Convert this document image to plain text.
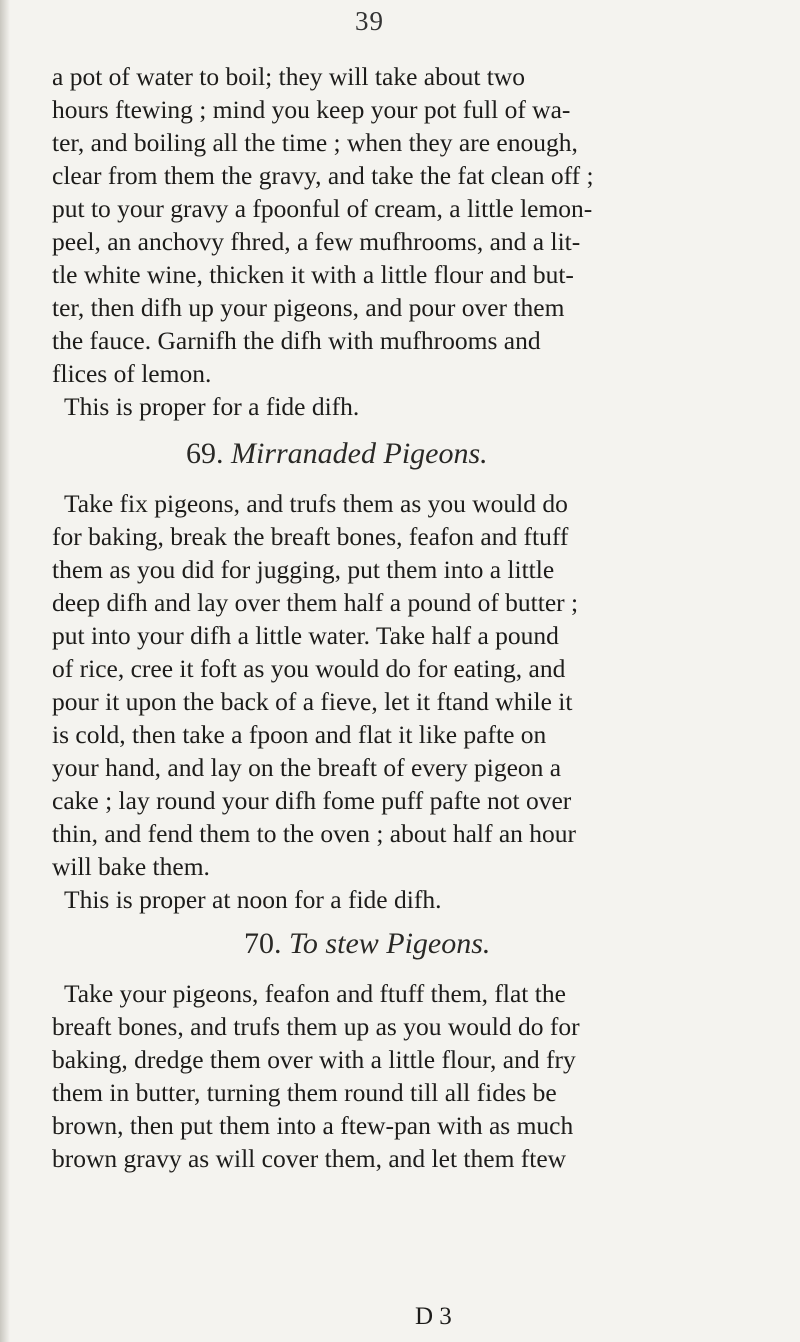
39
a pot of water to boil; they will take about two
hours ftewing ; mind you keep your pot full of wa-
ter, and boiling all the time ; when they are enough,
clear from them the gravy, and take the fat clean off ;
put to your gravy a fpoonful of cream, a little lemon-
peel, an anchovy fhred, a few mufhrooms, and a lit-
tle white wine, thicken it with a little flour and but-
ter, then difh up your pigeons, and pour over them
the fauce. Garnifh the difh with mufhrooms and
flices of lemon.
This is proper for a fide difh.
69. Mirranaded Pigeons.
Take fix pigeons, and trufs them as you would do
for baking, break the breaft bones, feafon and ftuff
them as you did for jugging, put them into a little
deep difh and lay over them half a pound of butter ;
put into your difh a little water. Take half a pound
of rice, cree it foft as you would do for eating, and
pour it upon the back of a fieve, let it ftand while it
is cold, then take a fpoon and flat it like pafte on
your hand, and lay on the breaft of every pigeon a
cake ; lay round your difh fome puff pafte not over
thin, and fend them to the oven ; about half an hour
will bake them.
This is proper at noon for a fide difh.
70. To stew Pigeons.
Take your pigeons, feafon and ftuff them, flat the
breaft bones, and trufs them up as you would do for
baking, dredge them over with a little flour, and fry
them in butter, turning them round till all fides be
brown, then put them into a ftew-pan with as much
brown gravy as will cover them, and let them ftew
D 3
